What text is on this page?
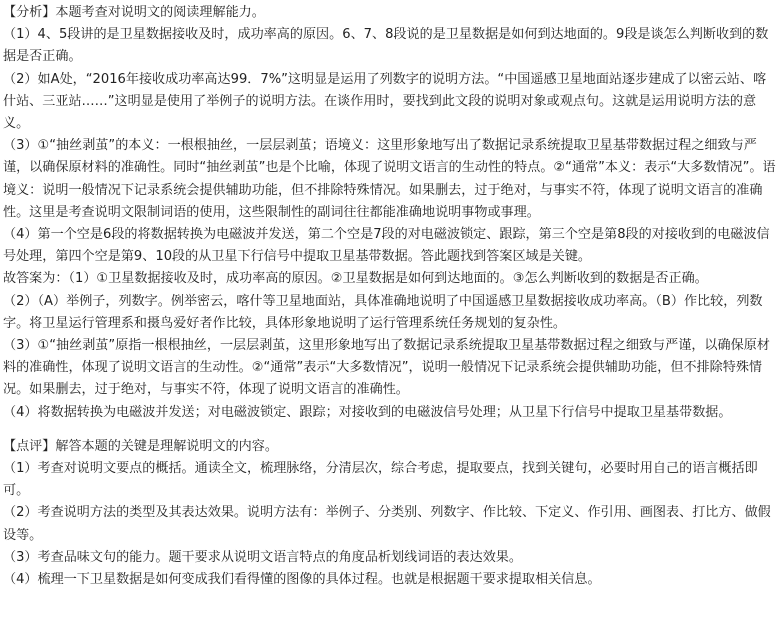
【分析】本题考查对说明文的阅读理解能力。

（1）4、5段讲的是卫星数据接收及时，成功率高的原因。6、7、8段说的是卫星数据是如何到达地面的。9段是谈怎么判断收到的数据是否正确。

（2）如A处，“2016年接收成功率高达99．7%”这明显是运用了列数字的说明方法。“中国遥感卫星地面站逐步建成了以密云站、喀什站、三亚站……”这明显是使用了举例子的说明方法。在谈作用时，要找到此文段的说明对象或观点句。这就是运用说明方法的意义。

（3）①“抽丝剥茧”的本义：一根根抽丝，一层层剥茧；语境义：这里形象地写出了数据记录系统提取卫星基带数据过程之细致与严谨，以确保原材料的准确性。同时“抽丝剥茧”也是个比喻，体现了说明文语言的生动性的特点。②“通常”本义：表示“大多数情况”。语境义：说明一般情况下记录系统会提供辅助功能，但不排除特殊情况。如果删去，过于绝对，与事实不符，体现了说明文语言的准确性。这里是考查说明文限制词语的使用，这些限制性的副词往往都能准确地说明事物或事理。

（4）第一个空是6段的将数据转换为电磁波并发送，第二个空是7段的对电磁波锁定、跟踪，第三个空是第8段的对接收到的电磁波信号处理，第四个空是第9、10段的从卫星下行信号中提取卫星基带数据。答此题找到答案区域是关键。

故答案为：（1）①卫星数据接收及时，成功率高的原因。②卫星数据是如何到达地面的。③怎么判断收到的数据是否正确。

（2）（A）举例子，列数字。例举密云，喀什等卫星地面站，具体准确地说明了中国遥感卫星数据接收成功率高。（B）作比较，列数字。将卫星运行管理系和摄鸟爱好者作比较，具体形象地说明了运行管理系统任务规划的复杂性。

（3）①“抽丝剥茧”原指一根根抽丝，一层层剥茧，这里形象地写出了数据记录系统提取卫星基带数据过程之细致与严谨，以确保原材料的准确性，体现了说明文语言的生动性。②“通常”表示“大多数情况”，说明一般情况下记录系统会提供辅助功能，但不排除特殊情况。如果删去，过于绝对，与事实不符，体现了说明文语言的准确性。

（4）将数据转换为电磁波并发送；对电磁波锁定、跟踪；对接收到的电磁波信号处理；从卫星下行信号中提取卫星基带数据。

【点评】解答本题的关键是理解说明文的内容。

（1）考查对说明文要点的概括。通读全文，梳理脉络，分清层次，综合考虑，提取要点，找到关键句，必要时用自己的语言概括即可。

（2）考查说明方法的类型及其表达效果。说明方法有：举例子、分类别、列数字、作比较、下定义、作引用、画图表、打比方、做假设等。

（3）考查品味文句的能力。题干要求从说明文语言特点的角度品析划线词语的表达效果。

（4）梳理一下卫星数据是如何变成我们看得懂的图像的具体过程。也就是根据题干要求提取相关信息。
